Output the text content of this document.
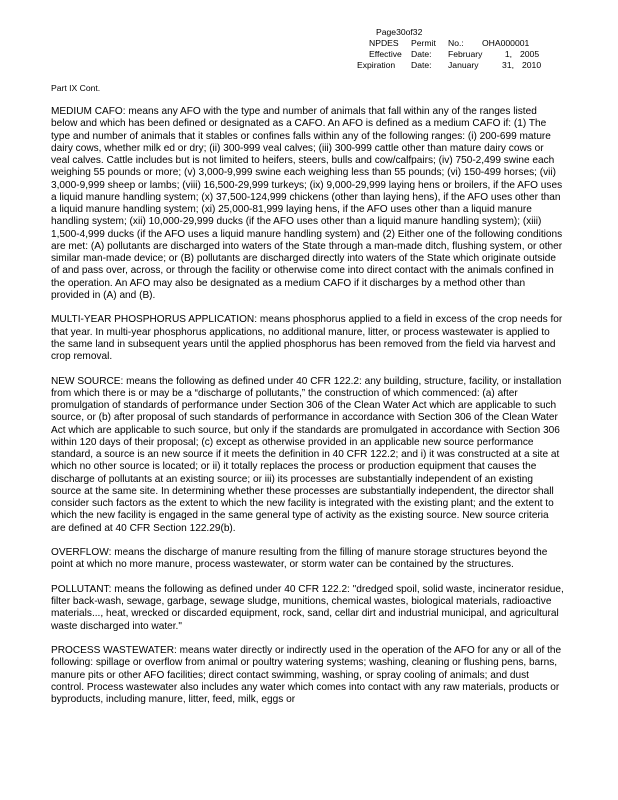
Page30of32
NPDES	Permit	No.:	OHA000001
Effective	Date:	February	1, 2005
Expiration	Date:	January	31, 2010
Part IX Cont.

MEDIUM CAFO: means any AFO with the type and number of animals that fall within any of the ranges listed below and which has been defined or designated as a CAFO. An AFO is defined as a medium CAFO if: (1) The type and number of animals that it stables or confines falls within any of the following ranges: (i) 200-699 mature dairy cows, whether milk ed or dry; (ii) 300-999 veal calves; (iii) 300-999 cattle other than mature dairy cows or veal calves. Cattle includes but is not limited to heifers, steers, bulls and cow/calfpairs; (iv) 750-2,499 swine each weighing 55 pounds or more; (v) 3,000-9,999 swine each weighing less than 55 pounds; (vi) 150-499 horses; (vii) 3,000-9,999 sheep or lambs; (viii) 16,500-29,999 turkeys; (ix) 9,000-29,999 laying hens or broilers, if the AFO uses a liquid manure handling system; (x) 37,500-124,999 chickens (other than laying hens), if the AFO uses other than a liquid manure handling system; (xi) 25,000-81,999 laying hens, if the AFO uses other than a liquid manure handling system; (xii) 10,000-29,999 ducks (if the AFO uses other than a liquid manure handling system); (xiii) 1,500-4,999 ducks (if the AFO uses a liquid manure handling system) and (2) Either one of the following conditions are met: (A) pollutants are discharged into waters of the State through a man-made ditch, flushing system, or other similar man-made device; or (B) pollutants are discharged directly into waters of the State which originate outside of and pass over, across, or through the facility or otherwise come into direct contact with the animals confined in the operation. An AFO may also be designated as a medium CAFO if it discharges by a method other than provided in (A) and (B).

MULTI-YEAR PHOSPHORUS APPLICATION: means phosphorus applied to a field in excess of the crop needs for that year. In multi-year phosphorus applications, no additional manure, litter, or process wastewater is applied to the same land in subsequent years until the applied phosphorus has been removed from the field via harvest and crop removal.

NEW SOURCE: means the following as defined under 40 CFR 122.2: any building, structure, facility, or installation from which there is or may be a “discharge of pollutants,” the construction of which commenced: (a) after promulgation of standards of performance under Section 306 of the Clean Water Act which are applicable to such source, or (b) after proposal of such standards of performance in accordance with Section 306 of the Clean Water Act which are applicable to such source, but only if the standards are promulgated in accordance with Section 306 within 120 days of their proposal; (c) except as otherwise provided in an applicable new source performance standard, a source is an new source if it meets the definition in 40 CFR 122.2; and i) it was constructed at a site at which no other source is located; or ii) it totally replaces the process or production equipment that causes the discharge of pollutants at an existing source; or iii) its processes are substantially independent of an existing source at the same site. In determining whether these processes are substantially independent, the director shall consider such factors as the extent to which the new facility is integrated with the existing plant; and the extent to which the new facility is engaged in the same general type of activity as the existing source. New source criteria are defined at 40 CFR Section 122.29(b).

OVERFLOW: means the discharge of manure resulting from the filling of manure storage structures beyond the point at which no more manure, process wastewater, or storm water can be contained by the structures.

POLLUTANT: means the following as defined under 40 CFR 122.2: "dredged spoil, solid waste, incinerator residue, filter back-wash, sewage, garbage, sewage sludge, munitions, chemical wastes, biological materials, radioactive materials..., heat, wrecked or discarded equipment, rock, sand, cellar dirt and industrial municipal, and agricultural waste discharged into water."

PROCESS WASTEWATER: means water directly or indirectly used in the operation of the AFO for any or all of the following: spillage or overflow from animal or poultry watering systems; washing, cleaning or flushing pens, barns, manure pits or other AFO facilities; direct contact swimming, washing, or spray cooling of animals; and dust control. Process wastewater also includes any water which comes into contact with any raw materials, products or byproducts, including manure, litter, feed, milk, eggs or
